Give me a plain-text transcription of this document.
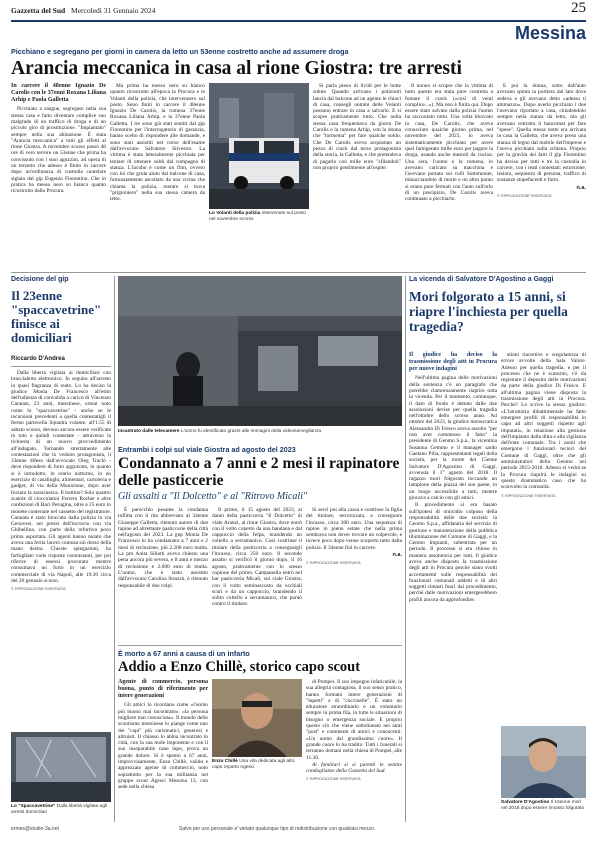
Gazzetta del Sud Mercoledì 31 Gennaio 2024	25
Messina
Picchiano e segregano per giorni in camera da letto un 53enne costretto anche ad assumere droga
Arancia meccanica in casa al rione Giostra: tre arresti
In carcere il 48enne Ignazio De Carolis con le 37enni Roxana Liliana Arhip e Paola Galletta

Picchiato a sangue, segregato nella sua stessa casa e fatto diventare complice suo malgrado di un traffico di droga e di un piccolo giro di prostituzione. "Impiantato" sempre nella sua abitazione. È stata "Arancia meccanica" a tutti gli effetti al rione Giostra. A novembre scorso passò 48 ore di vero terrore un 53enne che prima ha convissuto con i suoi aguzzini, ad opera di un terzetto che adesso è finito in carcere dopo un'ordinanza di custodia cautelare siglata dal gip Eugenio Fiorentino. Che in pratica ha messo nero su bianco quanto ricostruito dalla Procura.

Ma prima ha messo nero su bianco quanto ricostruito all'epoca la Procura e le Volanti della polizia, che intervennero sul posto. Sono finiti in carcere il 48enne Ignazio De Carolis, la rumena 37enne Roxana Liliana Arhip, e la 37enne Paola Galletta. I tre sono già stati sentiti dal gip Fiorentino per l'interrogatorio di garanzia, hanno scelto di rispondere alle domande, e sono stati assistiti nel corso dell'esame dall'avvocato Salvatore Silvestro. La vittima è stata letteralmente picchiata per tentare di ottenere soldi dal compagno di stanza. L'incubo è come un film, ovvero con lui che grida aiuto dal balcone di casa, fortunatamente ascoltato da una vicina che chiama la polizia, mentre si trova "prigioniero" nella sua stessa camera da letto.

Lo Volanti della polizia intervenute sul posto nel novembre scorso

Si parla pieno di lividi per le botte subite. Quando arrivano i poliziotti lancia dal balcone ad un agente le chiavi di casa, consegli uomini delle Volanti possono entrare in casa a salvarlo. E si scopre praticamente tutto. Che nella stessa casa frequentava da giorni De Carolis e la rumena Arhip, con la donna che "tormenta" per fare qualche soldo. Che De Carolis aveva acquistato un pezzo di crack dal terzo protagonista della storia, la Galletta, e che pretendeva di pagarlo con mille euro "sfilandoli" non proprio gentilmente all'ospite.

Il nonno si scopre che la vittima di tutto questo era stata pure costretta a fumare il crack («così di venti complice...»). Ma non è finita qui. Dopo essere stato salvato dalla polizia l'uomo ha raccontato tutto. Una volta bloccato in casa, De Carolis, che aveva conosciuto qualche giorno prima, nel novembre del 2023, lo aveva sistematicamente picchiato per avere quel famigerato mille euro per pagare la droga, usando anche mestoli da cucina. Una sera, l'uomo e la rumena, lo avevano caricato su macchina e l'avevano portato sui colli Sottomonte, minacciandolo di morte e un altro punto si erano pure fermati con l'auto sull'orlo di un precipizio, De Carolis aveva continuato a picchiarlo.

E poi la donna, sotto dall'auto avevano spinto la portiera dal lato dove sedeva e gli avevano detto «adesso ti ammazzo». Dopo averlo picchiato i due l'avevano riportato a casa, chiudendolo sempre nella stanza da letto, ma gli avevano sottratto il bancomat per fare "spese". Quella stessa notte era arrivata in casa la Galletta, che aveva preso una stanza di legno dal mobile dell'imprese e l'aveva picchiato sulla schiena. Proprio per la gravità dei fatti il gip Fiorentino ha deciso per tutti e tre la custodia in carcere, con i reati contestati: estorsione, lesioni, sequestro di persona, traffico di sostanze stupefacenti e furto.

n.a.
© RIPRODUZIONE RISERVATA
Decisione del gip
Il 23enne "spaccavetrine" finisce ai domiciliari
Riccardo D'Andrea

Dalla libertà vigilata ai domiciliari con braccialetto elettronico. In seguito all'arresto in quasi flagranza di reato. Lo ha deciso la giudice Monia De Francesco all'esito dell'udienza di convalida a carico di Vincenzo Cannata, 23 anni, messinese, ormai noto come lo "spaccavetrine" - anche se le incursioni precedenti a quella contestatigli il fermo partecella Squadra volante. all'1.55 di sabato scorso, devono ancora essere verificate in toto e quindi contestate - attraverso la richiesta di un nuovo provvedimento all'indagato. Tornando strettamente alle contestazioni che lo vedono protagonista, il 23enne difeso dall'avvocato Oleg Traclò - deve rispondere di furto aggravato, in quanto si è introdotto, in orario notturno, in un esercizio di casalinghi, alimentari, cartoleria e gadget, di via della Munizione, dopo aver forzato la saracinesca. Il bottino? Solo quattro scatole di cioccolatini Ferrero Rocher e altre confezioni di Baci Perugina, oltre a 25 euro in monete contenute nel cassetto del registratore. Cannata è stato bloccato dalla polizia in via Genovesi, nei pressi dell'incrocio con via Ghibellina, con parte della refurtiva poco prima asportata. Gli agenti hanno notato che aveva una ferita lacero contusa sul dorso della mano destra. Chieste spiegazioni, ha farfugliato varie risposte contrastanti, per poi riferire di essersi procurato mentre consumava un furto in un esercizio commerciale di via Napoli, alle 19.30 circa del 26 gennaio scorso.

© RIPRODUZIONE RISERVATA
Incastrato dalle telecamere L'uomo fu identificato grazie alle immagini della videosorveglianza
Entrambi i colpi sul viale Giostra ad agosto del 2023
Condannato a 7 anni e 2 mesi il rapinatore delle pasticcerie
Gli assalti a "Il Dolcetto" e al "Ritrovo Micali"

È parecchio pesante la condanna inflitta con il rito abbreviato al 34enne Giuseppe Galletta, ritenuto autore di due rapine ad altrettante pasticcerie della città nell'agosto del 2023. La gup Monia De Francesco lo ha condannato a 7 anni e 2 mesi di reclusione, più 2.200 euro multa. La pm Anita Siliotti aveva chiesto una pena ancora più severa, e 8 anni e mezzo di reclusione e 2.000 euro di multa. L'uomo, che è stato assistito dall'avvocato Carolina Strazzù, è ritenuto responsabile di due colpi.

Il primo, il 15 agosto del 2023, ai danni della pasticceria "Il Dolcetto" di viale Aranzi, al rione Giostra, dove entrò con il volto coperto da una bandana e dal cappuccio della felpa, brandendo un coltello a serramanico. Così costrinse il titolare della pasticceria a consegnargli l'incasso, circa 250 euro. Il secondo assalto si verificò il giorno dopo, il 16 agosto, praticamente con lo stesso copione del primo. Campanella entrò nel bar pasticceria Micali, sul viale Giostra, con il volto seminascosto da occhiali scuri e da un cappuccio, brandendo il solito coltello a serramanico, che puntò contro il titolare.

Si servì poi alla cassa e costrinse la figlia del titolare, terrorizzata, a consegnare l'incasso, circa 300 euro. Una sequenza di rapine in pieno estate che nella prima sembrava non dover trovare un colpevole, e invece poco dopo venne scoperto tutto dalla polizia. Il 34enne finì in carcere.

n.a.
© RIPRODUZIONE RISERVATA
È morto a 67 anni a causa di un infarto
Addio a Enzo Chillè, storico capo scout
Agente di commercio, persona buona, punto di riferimento per intere generazioni

Gli amici lo ricordano come «l'uomo più buono mai incontrato». «la persona migliore mai conosciuta». Il mondo dello scoutismo messinese lo piange come uno dei "capi" più carismatici, generosi e altruisti. Il chiasso lo abbia incontrato in città, con la sua mole imponente e con il suo inseparabile cane lupo, prova un grande dolore. Si è spento a 67 anni, improvvisamente, Enzo Chillè, valido e apprezzato agente di commercio, noto soprattutto per la sua militanza nel gruppo scout Agesci Messina 13, con sede nella chiesa

Enzo Chillè Una vita dedicata agli altri, capo reparto Agesci

di Pompei. Il suo impegno infaticabile, la sua allegria contagiosa, il suo senso pratico, hanno formato intere generazioni di "lupetti" e di "coccinelle". È stato un educatore straordinario e un volontario sempre in prima fila, in tutte le situazioni di bisogno o emergenza sociale. E proprio questo ciò che viene sottolineato nei tanti "post" e commenti di amici e conoscenti: «Un uomo dal grandissimo cuore». Il grande cuore lo ha tradito. Tutti i funerali si terranno domani nella chiesa di Pompei, alle 11.30.

Ai familiari si si parenti le sentite condoglianze della Gazzetta del Sud.

© RIPRODUZIONE RISERVATA
Lo "Spaccavetrine" Dalla libertà vigilata agli arresti domiciliari
La vicenda di Salvatore D'Agostino a Gaggi
Mori folgorato a 15 anni, si riapre l'inchiesta per quella tragedia?
Il giudice ha deciso la trasmissione degli atti in Procura per nuove indagini

Nell'ultima pagina delle motivazioni della sentenza c'è un paragrafo che potrebbe clamorosamente riaprire tutta la vicenda. Per il momento, comunque, il dato di fondo è dettato dalle due assoluzioni decise per quella tragedia nell'ottobre dello scorso anno. Ad ottobre del 2023, la giudice monocratica Alessandra Di Fresco aveva assolto "per non aver commesso il fatto" la presidente di Genmo S.p.a., la vicentina Susanna Gemmo e il manager sardo Gaetano Pilia, rappresentanti legali della società, per la morte del 15enne Salvatore D'Agostino di Gaggi, avvenuta il 1° agosto del 2018. Il ragazzo morì folgorato toccando un lampione della piazza del suo paese, in un luogo accessibile a tutti, mentre giocava a calcio con gli amici.

Il procedimento si era basato sull'ipotesi di omicidio colposo della responsabilità delle due società: la Genmo S.p.a., affidataria del servizio di gestione e manutenzione della pubblica illuminazione del Comune di Gaggi, e la Genmo Impianti, subentrata per un periodo. Il processo si era chiuso in maniera assolutoria per tutti. Il giudice aveva anche disposto la trasmissione degli atti in Procura perché siano svolti accertamenti sulle responsabilità dei funzionari comunali addetti e di altri soggetti rimasti fuori dal procedimento, perché dalle motivazioni emergerebbero profili ancora da approfondire.

stioni riacertive e sregolatezza di errore avvolte della Sala Valore. Adesso per quella tragedia, e per il processo che ne è scaturito, c'è da registrare il deposito delle motivazioni da parte della giudice Di Fresco. E all'ultima pagina viene disposta la trasmissione degli atti in Procura. Perché? Lo scrive la stessa giudice: «L'istruttoria dibattimentale ha fatto emergere profili di responsabilità in capo ad altri soggetti rispetto agli imputati», in relazione alla gestione dell'impianto dalla ditta e alla vigilanza dell'ente comunale. Tra i nomi che emergono i funzionari tecnici del Comune di Gaggi, oltre che gli amministratori della Genmo nel periodo 2015-2018. Adesso si vedrà se la Procura riaprirà le indagini su questo drammatico caso che ha sconvolto la comunità.

© RIPRODUZIONE RISERVATA
Salvatore D'Agostino Il 15enne morì nel 2018 dopo essere rimasto folgorato
ermes@studio-3a.net	Salvo per uso personale e' vietato qualunque tipo di redistribuzione con qualsiasi mezzo.
